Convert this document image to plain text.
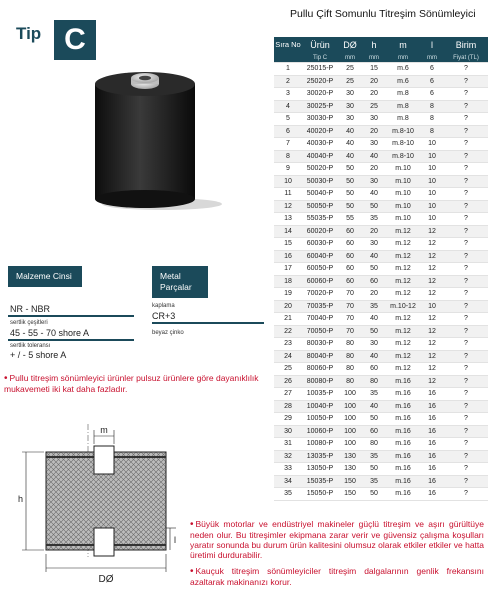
Tip C
Pullu Çift Somunlu Titreşim Sönümleyici
Sıra No	Ürün	DØ	h	m	l	Birim
	Tip C	mm	mm	mm	mm	Fiyat (TL)
1	25015-P	25	15	m.6	6	?
2	25020-P	25	20	m.6	6	?
3	30020-P	30	20	m.8	6	?
4	30025-P	30	25	m.8	8	?
5	30030-P	30	30	m.8	8	?
6	40020-P	40	20	m.8-10	8	?
7	40030-P	40	30	m.8-10	10	?
8	40040-P	40	40	m.8-10	10	?
9	50020-P	50	20	m.10	10	?
10	50030-P	50	30	m.10	10	?
11	50040-P	50	40	m.10	10	?
12	50050-P	50	50	m.10	10	?
13	55035-P	55	35	m.10	10	?
14	60020-P	60	20	m.12	12	?
15	60030-P	60	30	m.12	12	?
16	60040-P	60	40	m.12	12	?
17	60050-P	60	50	m.12	12	?
18	60060-P	60	60	m.12	12	?
19	70020-P	70	20	m.12	12	?
20	70035-P	70	35	m.10-12	10	?
21	70040-P	70	40	m.12	12	?
22	70050-P	70	50	m.12	12	?
23	80030-P	80	30	m.12	12	?
24	80040-P	80	40	m.12	12	?
25	80060-P	80	60	m.12	12	?
26	80080-P	80	80	m.16	12	?
27	10035-P	100	35	m.16	16	?
28	10040-P	100	40	m.16	16	?
29	10050-P	100	50	m.16	16	?
30	10060-P	100	60	m.16	16	?
31	10080-P	100	80	m.16	16	?
32	13035-P	130	35	m.16	16	?
33	13050-P	130	50	m.16	16	?
34	15035-P	150	35	m.16	16	?
35	15050-P	150	50	m.16	16	?
Malzeme Cinsi
NR - NBR
sertlik çeşitleri
45 - 55 - 70 shore A
sertlik toleransı
+ / - 5 shore A
Metal Parçalar
kaplama
CR+3
beyaz çinko
• Pullu titreşim sönümleyici ürünler pulsuz ürünlere göre dayanıklılık mukavemeti iki kat daha fazladır.
m
h
l
DØ
• Büyük motorlar ve endüstriyel makineler güçlü titreşim ve aşırı gürültüye neden olur. Bu titreşimler ekipmana zarar verir ve güvensiz çalışma koşulları yaratır sonunda bu durum ürün kalitesini olumsuz olarak etkiler etkiler ve hatta üretimi durdurabilir.
• Kauçuk titreşim sönümleyiciler titreşim dalgalarının genlik frekansını azaltarak makinanızı korur.
